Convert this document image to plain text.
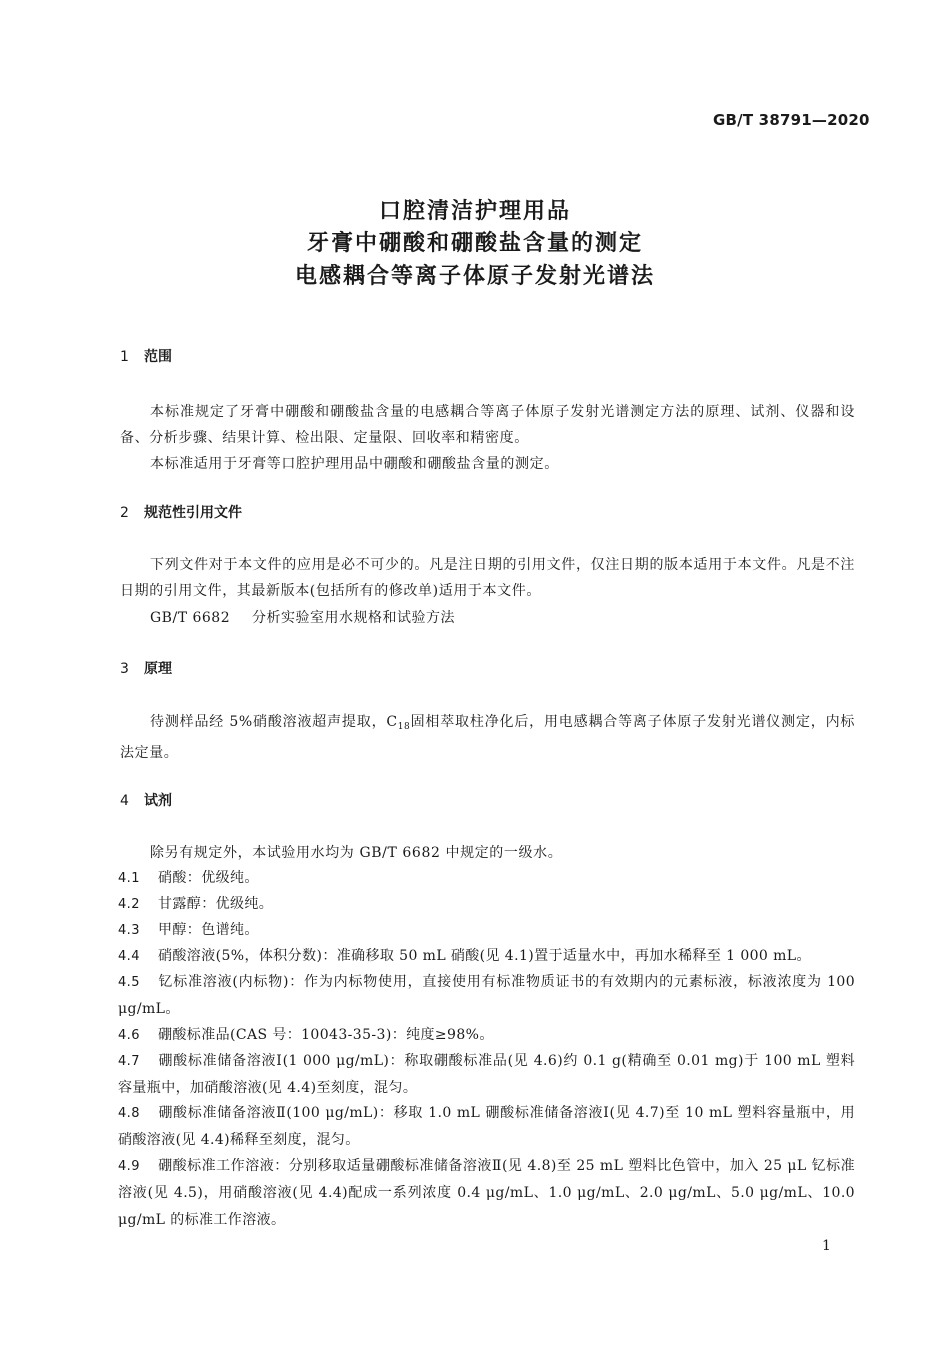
GB/T 38791—2020
口腔清洁护理用品
牙膏中硼酸和硼酸盐含量的测定
电感耦合等离子体原子发射光谱法
1 范围
本标准规定了牙膏中硼酸和硼酸盐含量的电感耦合等离子体原子发射光谱测定方法的原理、试剂、仪器和设备、分析步骤、结果计算、检出限、定量限、回收率和精密度。
本标准适用于牙膏等口腔护理用品中硼酸和硼酸盐含量的测定。
2 规范性引用文件
下列文件对于本文件的应用是必不可少的。凡是注日期的引用文件，仅注日期的版本适用于本文件。凡是不注日期的引用文件，其最新版本(包括所有的修改单)适用于本文件。
GB/T 6682 分析实验室用水规格和试验方法
3 原理
待测样品经 5%硝酸溶液超声提取，$C_{18}$固相萃取柱净化后，用电感耦合等离子体原子发射光谱仪测定，内标法定量。
4 试剂
除另有规定外，本试验用水均为 GB/T 6682 中规定的一级水。
4.1 硝酸：优级纯。
4.2 甘露醇：优级纯。
4.3 甲醇：色谱纯。
4.4 硝酸溶液(5%，体积分数)：准确移取 50 mL 硝酸(见 4.1)置于适量水中，再加水稀释至 1 000 mL。
4.5 钇标准溶液(内标物)：作为内标物使用，直接使用有标准物质证书的有效期内的元素标液，标液浓度为 100 μg/mL。
4.6 硼酸标准品(CAS 号：10043-35-3)：纯度≥98%。
4.7 硼酸标准储备溶液Ⅰ(1 000 μg/mL)：称取硼酸标准品(见 4.6)约 0.1 g(精确至 0.01 mg)于 100 mL 塑料容量瓶中，加硝酸溶液(见 4.4)至刻度，混匀。
4.8 硼酸标准储备溶液Ⅱ(100 μg/mL)：移取 1.0 mL 硼酸标准储备溶液Ⅰ(见 4.7)至 10 mL 塑料容量瓶中，用硝酸溶液(见 4.4)稀释至刻度，混匀。
4.9 硼酸标准工作溶液：分别移取适量硼酸标准储备溶液Ⅱ(见 4.8)至 25 mL 塑料比色管中，加入 25 μL 钇标准溶液(见 4.5)，用硝酸溶液(见 4.4)配成一系列浓度 0.4 μg/mL、1.0 μg/mL、2.0 μg/mL、5.0 μg/mL、10.0 μg/mL 的标准工作溶液。
1
